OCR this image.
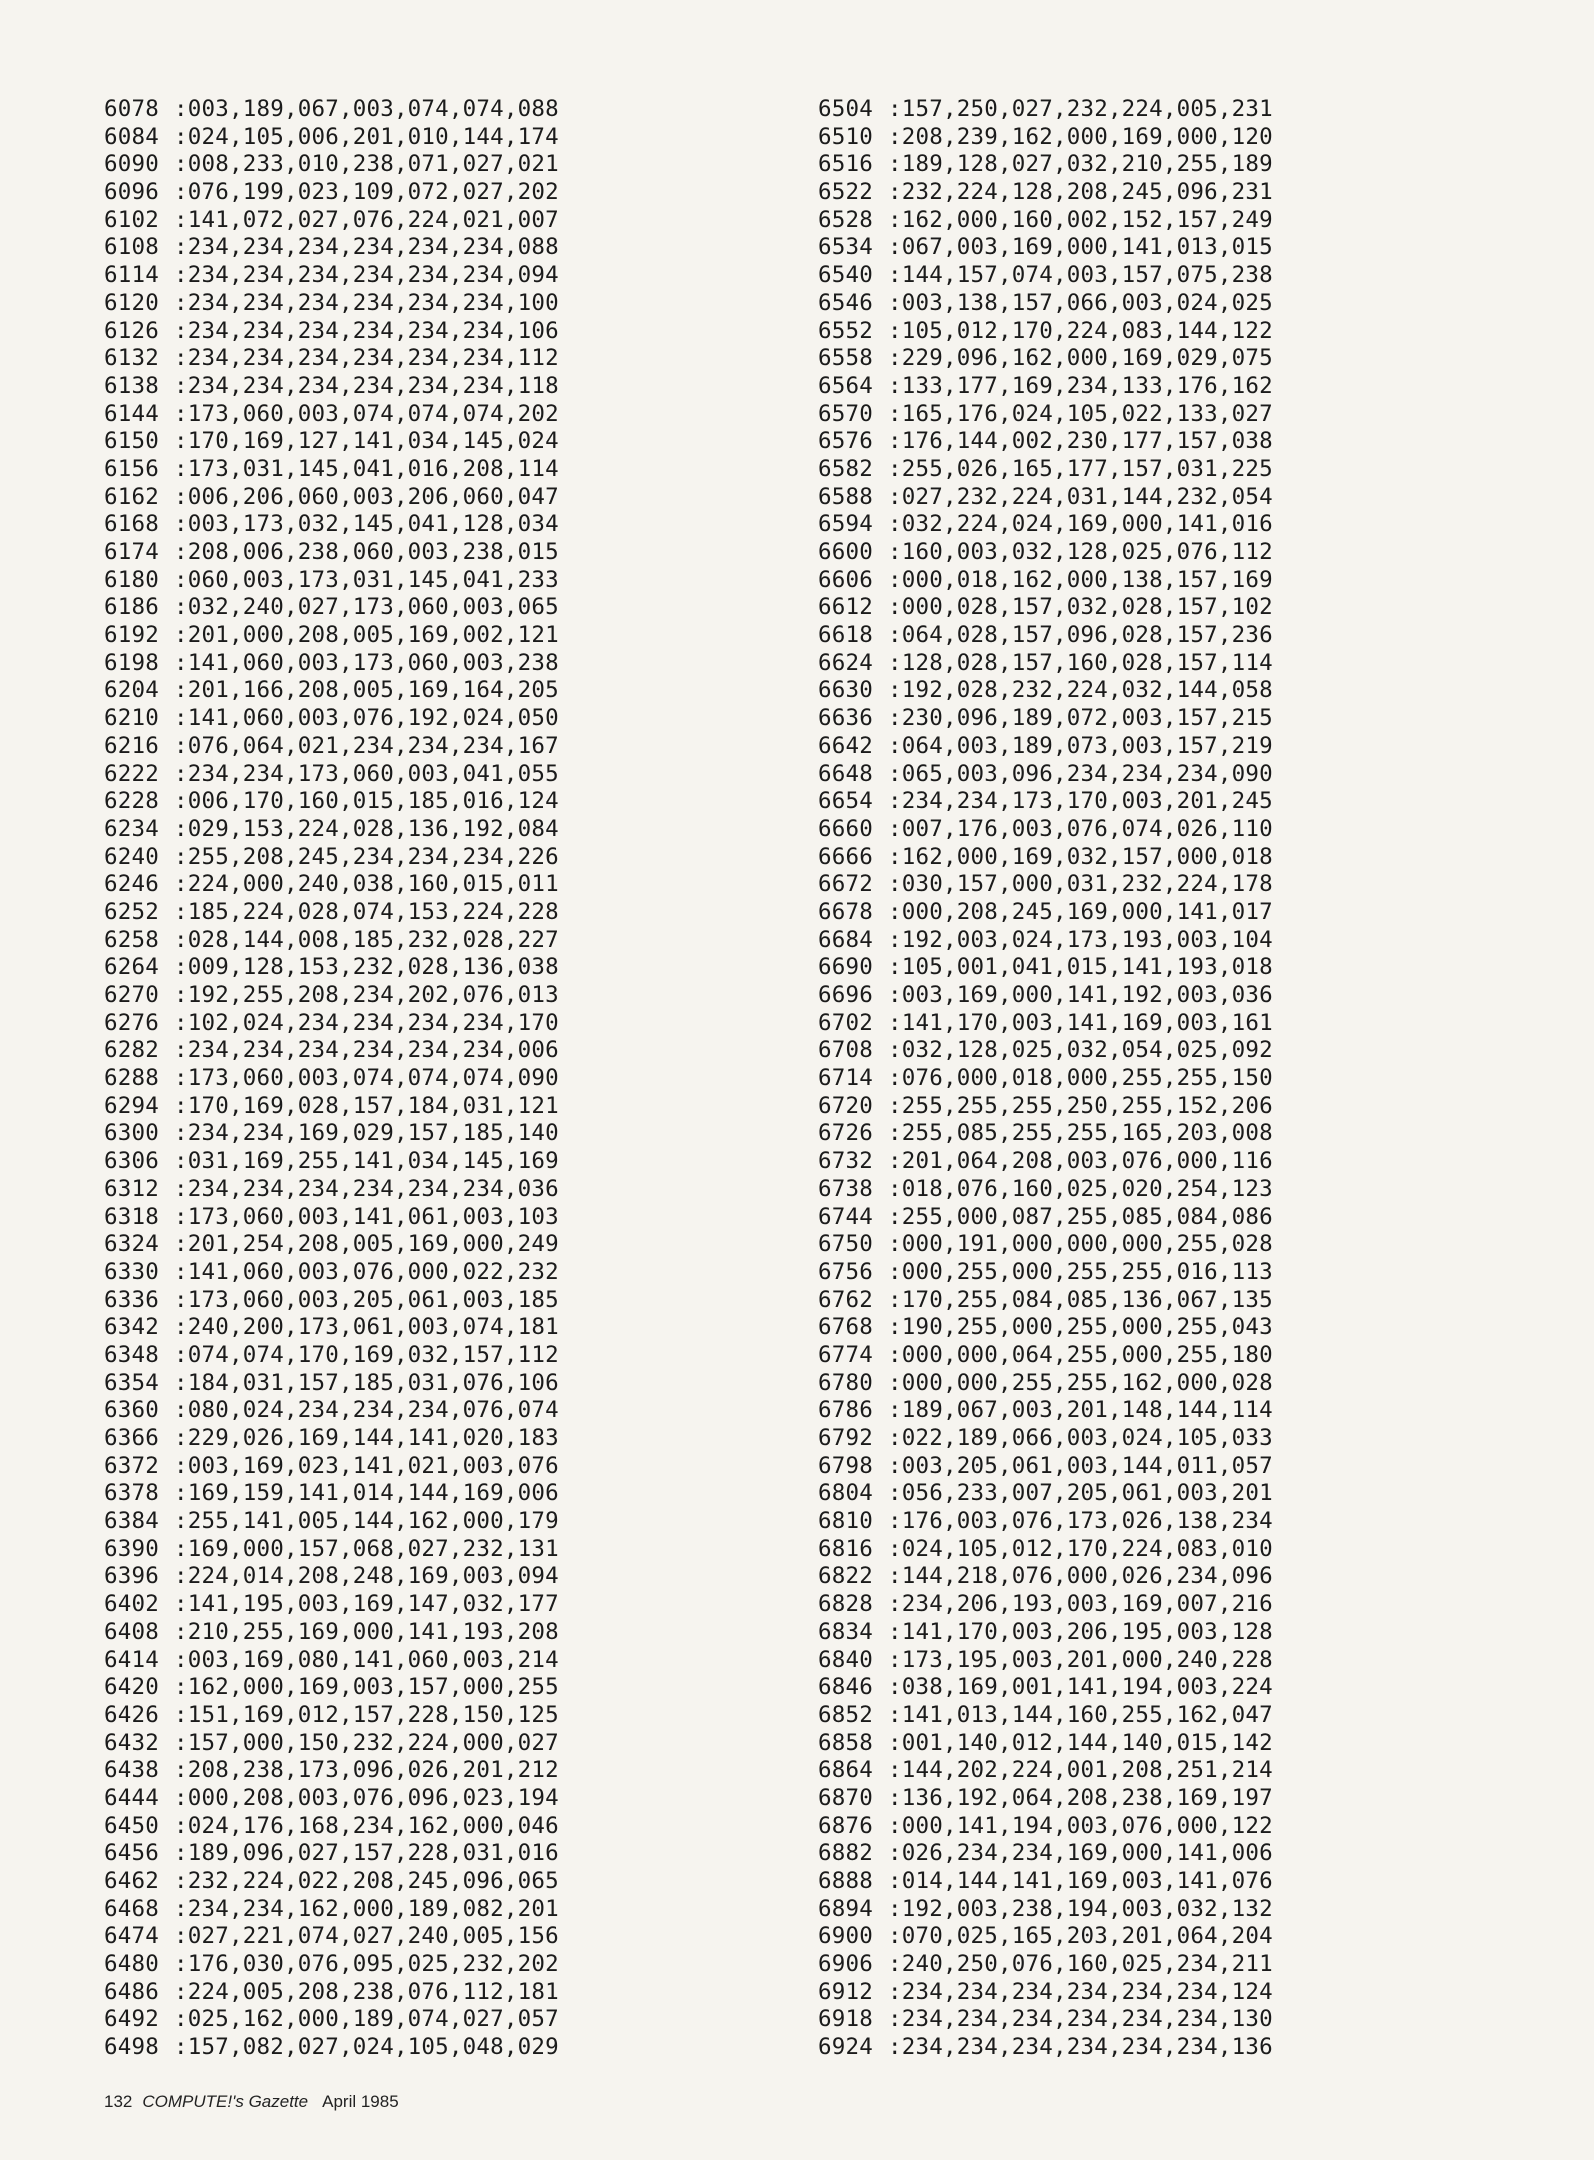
6078 :003,189,067,003,074,074,088
6084 :024,105,006,201,010,144,174
6090 :008,233,010,238,071,027,021
6096 :076,199,023,109,072,027,202
6102 :141,072,027,076,224,021,007
6108 :234,234,234,234,234,234,088
6114 :234,234,234,234,234,234,094
6120 :234,234,234,234,234,234,100
6126 :234,234,234,234,234,234,106
6132 :234,234,234,234,234,234,112
6138 :234,234,234,234,234,234,118
6144 :173,060,003,074,074,074,202
6150 :170,169,127,141,034,145,024
6156 :173,031,145,041,016,208,114
6162 :006,206,060,003,206,060,047
6168 :003,173,032,145,041,128,034
6174 :208,006,238,060,003,238,015
6180 :060,003,173,031,145,041,233
6186 :032,240,027,173,060,003,065
6192 :201,000,208,005,169,002,121
6198 :141,060,003,173,060,003,238
6204 :201,166,208,005,169,164,205
6210 :141,060,003,076,192,024,050
6216 :076,064,021,234,234,234,167
6222 :234,234,173,060,003,041,055
6228 :006,170,160,015,185,016,124
6234 :029,153,224,028,136,192,084
6240 :255,208,245,234,234,234,226
6246 :224,000,240,038,160,015,011
6252 :185,224,028,074,153,224,228
6258 :028,144,008,185,232,028,227
6264 :009,128,153,232,028,136,038
6270 :192,255,208,234,202,076,013
6276 :102,024,234,234,234,234,170
6282 :234,234,234,234,234,234,006
6288 :173,060,003,074,074,074,090
6294 :170,169,028,157,184,031,121
6300 :234,234,169,029,157,185,140
6306 :031,169,255,141,034,145,169
6312 :234,234,234,234,234,234,036
6318 :173,060,003,141,061,003,103
6324 :201,254,208,005,169,000,249
6330 :141,060,003,076,000,022,232
6336 :173,060,003,205,061,003,185
6342 :240,200,173,061,003,074,181
6348 :074,074,170,169,032,157,112
6354 :184,031,157,185,031,076,106
6360 :080,024,234,234,234,076,074
6366 :229,026,169,144,141,020,183
6372 :003,169,023,141,021,003,076
6378 :169,159,141,014,144,169,006
6384 :255,141,005,144,162,000,179
6390 :169,000,157,068,027,232,131
6396 :224,014,208,248,169,003,094
6402 :141,195,003,169,147,032,177
6408 :210,255,169,000,141,193,208
6414 :003,169,080,141,060,003,214
6420 :162,000,169,003,157,000,255
6426 :151,169,012,157,228,150,125
6432 :157,000,150,232,224,000,027
6438 :208,238,173,096,026,201,212
6444 :000,208,003,076,096,023,194
6450 :024,176,168,234,162,000,046
6456 :189,096,027,157,228,031,016
6462 :232,224,022,208,245,096,065
6468 :234,234,162,000,189,082,201
6474 :027,221,074,027,240,005,156
6480 :176,030,076,095,025,232,202
6486 :224,005,208,238,076,112,181
6492 :025,162,000,189,074,027,057
6498 :157,082,027,024,105,048,029
6504 :157,250,027,232,224,005,231
6510 :208,239,162,000,169,000,120
6516 :189,128,027,032,210,255,189
6522 :232,224,128,208,245,096,231
6528 :162,000,160,002,152,157,249
6534 :067,003,169,000,141,013,015
6540 :144,157,074,003,157,075,238
6546 :003,138,157,066,003,024,025
6552 :105,012,170,224,083,144,122
6558 :229,096,162,000,169,029,075
6564 :133,177,169,234,133,176,162
6570 :165,176,024,105,022,133,027
6576 :176,144,002,230,177,157,038
6582 :255,026,165,177,157,031,225
6588 :027,232,224,031,144,232,054
6594 :032,224,024,169,000,141,016
6600 :160,003,032,128,025,076,112
6606 :000,018,162,000,138,157,169
6612 :000,028,157,032,028,157,102
6618 :064,028,157,096,028,157,236
6624 :128,028,157,160,028,157,114
6630 :192,028,232,224,032,144,058
6636 :230,096,189,072,003,157,215
6642 :064,003,189,073,003,157,219
6648 :065,003,096,234,234,234,090
6654 :234,234,173,170,003,201,245
6660 :007,176,003,076,074,026,110
6666 :162,000,169,032,157,000,018
6672 :030,157,000,031,232,224,178
6678 :000,208,245,169,000,141,017
6684 :192,003,024,173,193,003,104
6690 :105,001,041,015,141,193,018
6696 :003,169,000,141,192,003,036
6702 :141,170,003,141,169,003,161
6708 :032,128,025,032,054,025,092
6714 :076,000,018,000,255,255,150
6720 :255,255,255,250,255,152,206
6726 :255,085,255,255,165,203,008
6732 :201,064,208,003,076,000,116
6738 :018,076,160,025,020,254,123
6744 :255,000,087,255,085,084,086
6750 :000,191,000,000,000,255,028
6756 :000,255,000,255,255,016,113
6762 :170,255,084,085,136,067,135
6768 :190,255,000,255,000,255,043
6774 :000,000,064,255,000,255,180
6780 :000,000,255,255,162,000,028
6786 :189,067,003,201,148,144,114
6792 :022,189,066,003,024,105,033
6798 :003,205,061,003,144,011,057
6804 :056,233,007,205,061,003,201
6810 :176,003,076,173,026,138,234
6816 :024,105,012,170,224,083,010
6822 :144,218,076,000,026,234,096
6828 :234,206,193,003,169,007,216
6834 :141,170,003,206,195,003,128
6840 :173,195,003,201,000,240,228
6846 :038,169,001,141,194,003,224
6852 :141,013,144,160,255,162,047
6858 :001,140,012,144,140,015,142
6864 :144,202,224,001,208,251,214
6870 :136,192,064,208,238,169,197
6876 :000,141,194,003,076,000,122
6882 :026,234,234,169,000,141,006
6888 :014,144,141,169,003,141,076
6894 :192,003,238,194,003,032,132
6900 :070,025,165,203,201,064,204
6906 :240,250,076,160,025,234,211
6912 :234,234,234,234,234,234,124
6918 :234,234,234,234,234,234,130
6924 :234,234,234,234,234,234,136
132 COMPUTE!'s Gazette April 1985
